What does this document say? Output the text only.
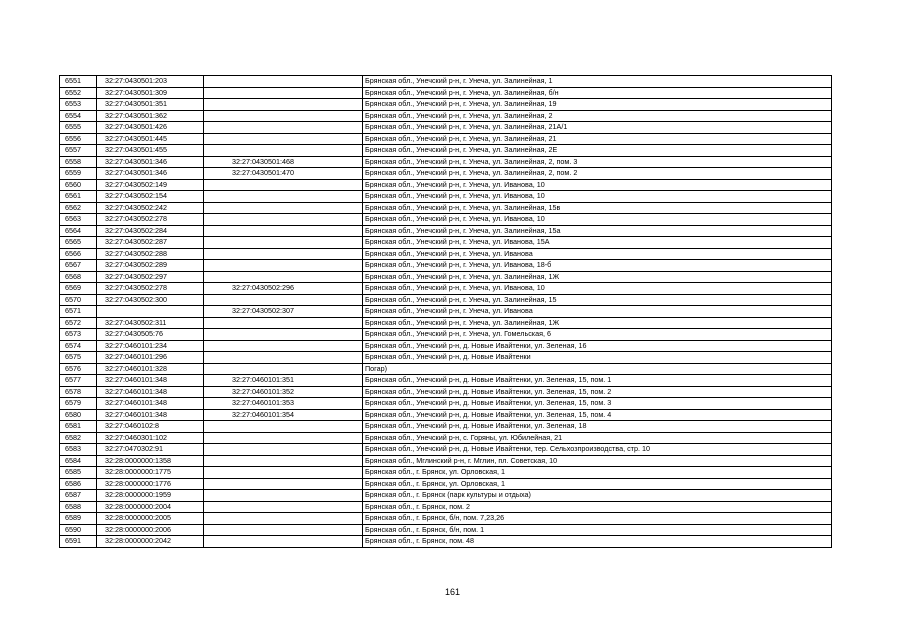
6551	32:27:0430501:203		Брянская обл., Унечский р-н, г. Унеча, ул. Залинейная, 1
6552	32:27:0430501:309		Брянская обл., Унечский р-н, г. Унеча, ул. Залинейная, б/н
6553	32:27:0430501:351		Брянская обл., Унечский р-н, г. Унеча, ул. Залинейная, 19
6554	32:27:0430501:362		Брянская обл., Унечский р-н, г. Унеча, ул. Залинейная, 2
6555	32:27:0430501:426		Брянская обл., Унечский р-н, г. Унеча, ул. Залинейная, 21А/1
6556	32:27:0430501:445		Брянская обл., Унечский р-н, г. Унеча, ул. Залинейная, 21
6557	32:27:0430501:455		Брянская обл., Унечский р-н, г. Унеча, ул. Залинейная, 2Е
6558	32:27:0430501:346	32:27:0430501:468	Брянская обл., Унечский р-н, г. Унеча, ул. Залинейная, 2, пом. 3
6559	32:27:0430501:346	32:27:0430501:470	Брянская обл., Унечский р-н, г. Унеча, ул. Залинейная, 2, пом. 2
6560	32:27:0430502:149		Брянская обл., Унечский р-н, г. Унеча, ул. Иванова, 10
6561	32:27:0430502:154		Брянская обл., Унечский р-н, г. Унеча, ул. Иванова, 10
6562	32:27:0430502:242		Брянская обл., Унечский р-н, г. Унеча, ул. Залинейная, 15в
6563	32:27:0430502:278		Брянская обл., Унечский р-н, г. Унеча, ул. Иванова, 10
6564	32:27:0430502:284		Брянская обл., Унечский р-н, г. Унеча, ул. Залинейная, 15а
6565	32:27:0430502:287		Брянская обл., Унечский р-н, г. Унеча, ул. Иванова, 15А
6566	32:27:0430502:288		Брянская обл., Унечский р-н, г. Унеча, ул. Иванова
6567	32:27:0430502:289		Брянская обл., Унечский р-н, г. Унеча, ул. Иванова, 18-б
6568	32:27:0430502:297		Брянская обл., Унечский р-н, г. Унеча, ул. Залинейная, 1Ж
6569	32:27:0430502:278	32:27:0430502:296	Брянская обл., Унечский р-н, г. Унеча, ул. Иванова, 10
6570	32:27:0430502:300		Брянская обл., Унечский р-н, г. Унеча, ул. Залинейная, 15
6571		32:27:0430502:307	Брянская обл., Унечский р-н, г. Унеча, ул. Иванова
6572	32:27:0430502:311		Брянская обл., Унечский р-н, г. Унеча, ул. Залинейная, 1Ж
6573	32:27:0430505:76		Брянская обл., Унечский р-н, г. Унеча, ул. Гомельская, 6
6574	32:27:0460101:234		Брянская обл., Унечский р-н, д. Новые Ивайтенки, ул. Зеленая, 16
6575	32:27:0460101:296		Брянская обл., Унечский р-н, д. Новые Ивайтенки
6576	32:27:0460101:328		Погар)
6577	32:27:0460101:348	32:27:0460101:351	Брянская обл., Унечский р-н, д. Новые Ивайтенки, ул. Зеленая, 15, пом. 1
6578	32:27:0460101:348	32:27:0460101:352	Брянская обл., Унечский р-н, д. Новые Ивайтенки, ул. Зеленая, 15, пом. 2
6579	32:27:0460101:348	32:27:0460101:353	Брянская обл., Унечский р-н, д. Новые Ивайтенки, ул. Зеленая, 15, пом. 3
6580	32:27:0460101:348	32:27:0460101:354	Брянская обл., Унечский р-н, д. Новые Ивайтенки, ул. Зеленая, 15, пом. 4
6581	32:27:0460102:8		Брянская обл., Унечский р-н, д. Новые Ивайтенки, ул. Зеленая, 18
6582	32:27:0460301:102		Брянская обл., Унечский р-н, с. Горяны, ул. Юбилейная, 21
6583	32:27:0470302:91		Брянская обл., Унечский р-н, д. Новые Ивайтенки, тер. Сельхозпроизводства, стр. 10
6584	32:28:0000000:1358		Брянская обл., Мглинский р-н, г. Мглин, пл. Советская, 10
6585	32:28:0000000:1775		Брянская обл., г. Брянск, ул. Орловская, 1
6586	32:28:0000000:1776		Брянская обл., г. Брянск, ул. Орловская, 1
6587	32:28:0000000:1959		Брянская обл., г. Брянск (парк культуры и отдыха)
6588	32:28:0000000:2004		Брянская обл., г. Брянск, пом. 2
6589	32:28:0000000:2005		Брянская обл., г. Брянск, б/н, пом. 7,23,26
6590	32:28:0000000:2006		Брянская обл., г. Брянск, б/н, пом. 1
6591	32:28:0000000:2042		Брянская обл., г. Брянск, пом. 48
161
